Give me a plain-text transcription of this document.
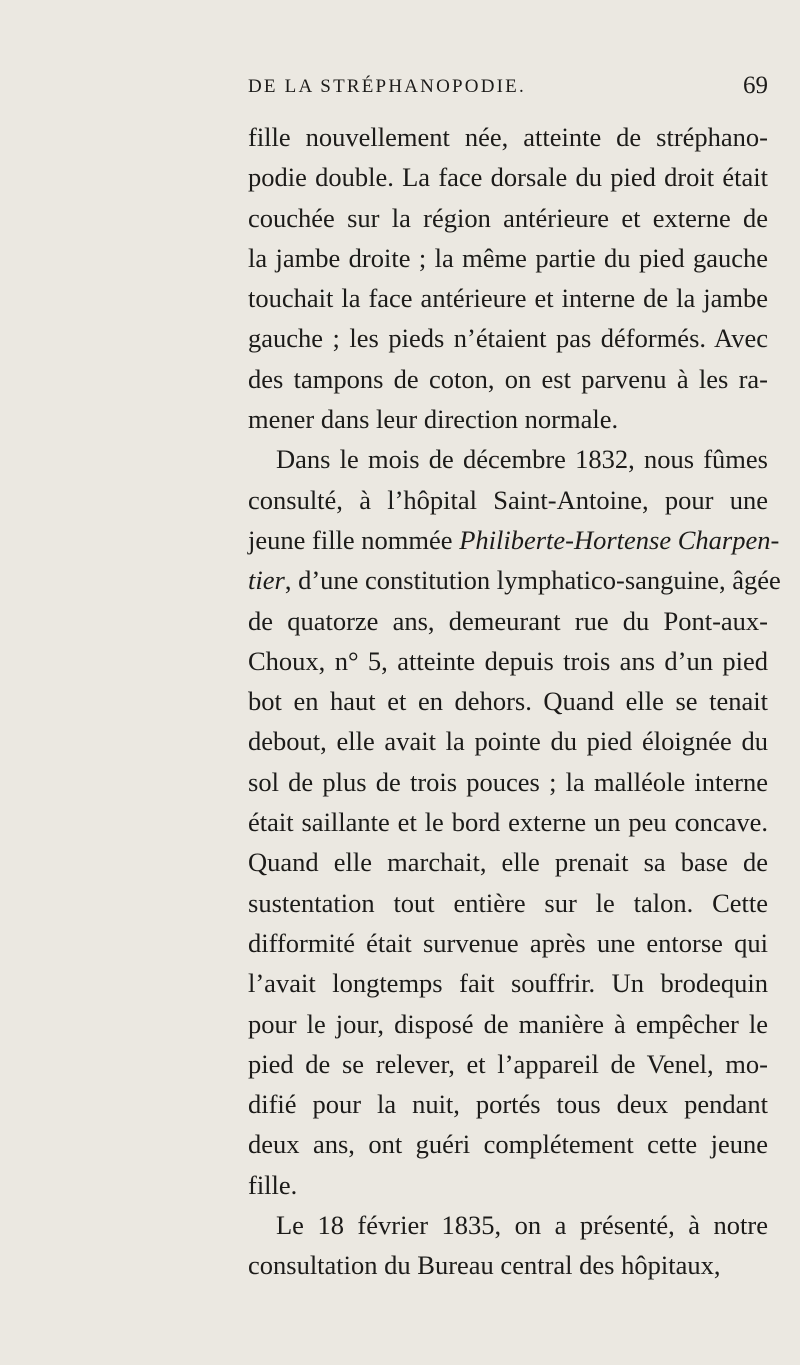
DE LA STRÉPHANOPODIE.	69
fille nouvellement née, atteinte de stréphano-
podie double. La face dorsale du pied droit était
couchée sur la région antérieure et externe de
la jambe droite ; la même partie du pied gauche
touchait la face antérieure et interne de la jambe
gauche ; les pieds n’étaient pas déformés. Avec
des tampons de coton, on est parvenu à les ra-
mener dans leur direction normale.
Dans le mois de décembre 1832, nous fûmes
consulté, à l’hôpital Saint-Antoine, pour une
jeune fille nommée Philiberte-Hortense Charpen-
tier, d’une constitution lymphatico-sanguine, âgée
de quatorze ans, demeurant rue du Pont-aux-
Choux, n° 5, atteinte depuis trois ans d’un pied
bot en haut et en dehors. Quand elle se tenait
debout, elle avait la pointe du pied éloignée du
sol de plus de trois pouces ; la malléole interne
était saillante et le bord externe un peu concave.
Quand elle marchait, elle prenait sa base de
sustentation tout entière sur le talon. Cette
difformité était survenue après une entorse qui
l’avait longtemps fait souffrir. Un brodequin
pour le jour, disposé de manière à empêcher le
pied de se relever, et l’appareil de Venel, mo-
difié pour la nuit, portés tous deux pendant
deux ans, ont guéri complétement cette jeune
fille.
Le 18 février 1835, on a présenté, à notre
consultation du Bureau central des hôpitaux,
